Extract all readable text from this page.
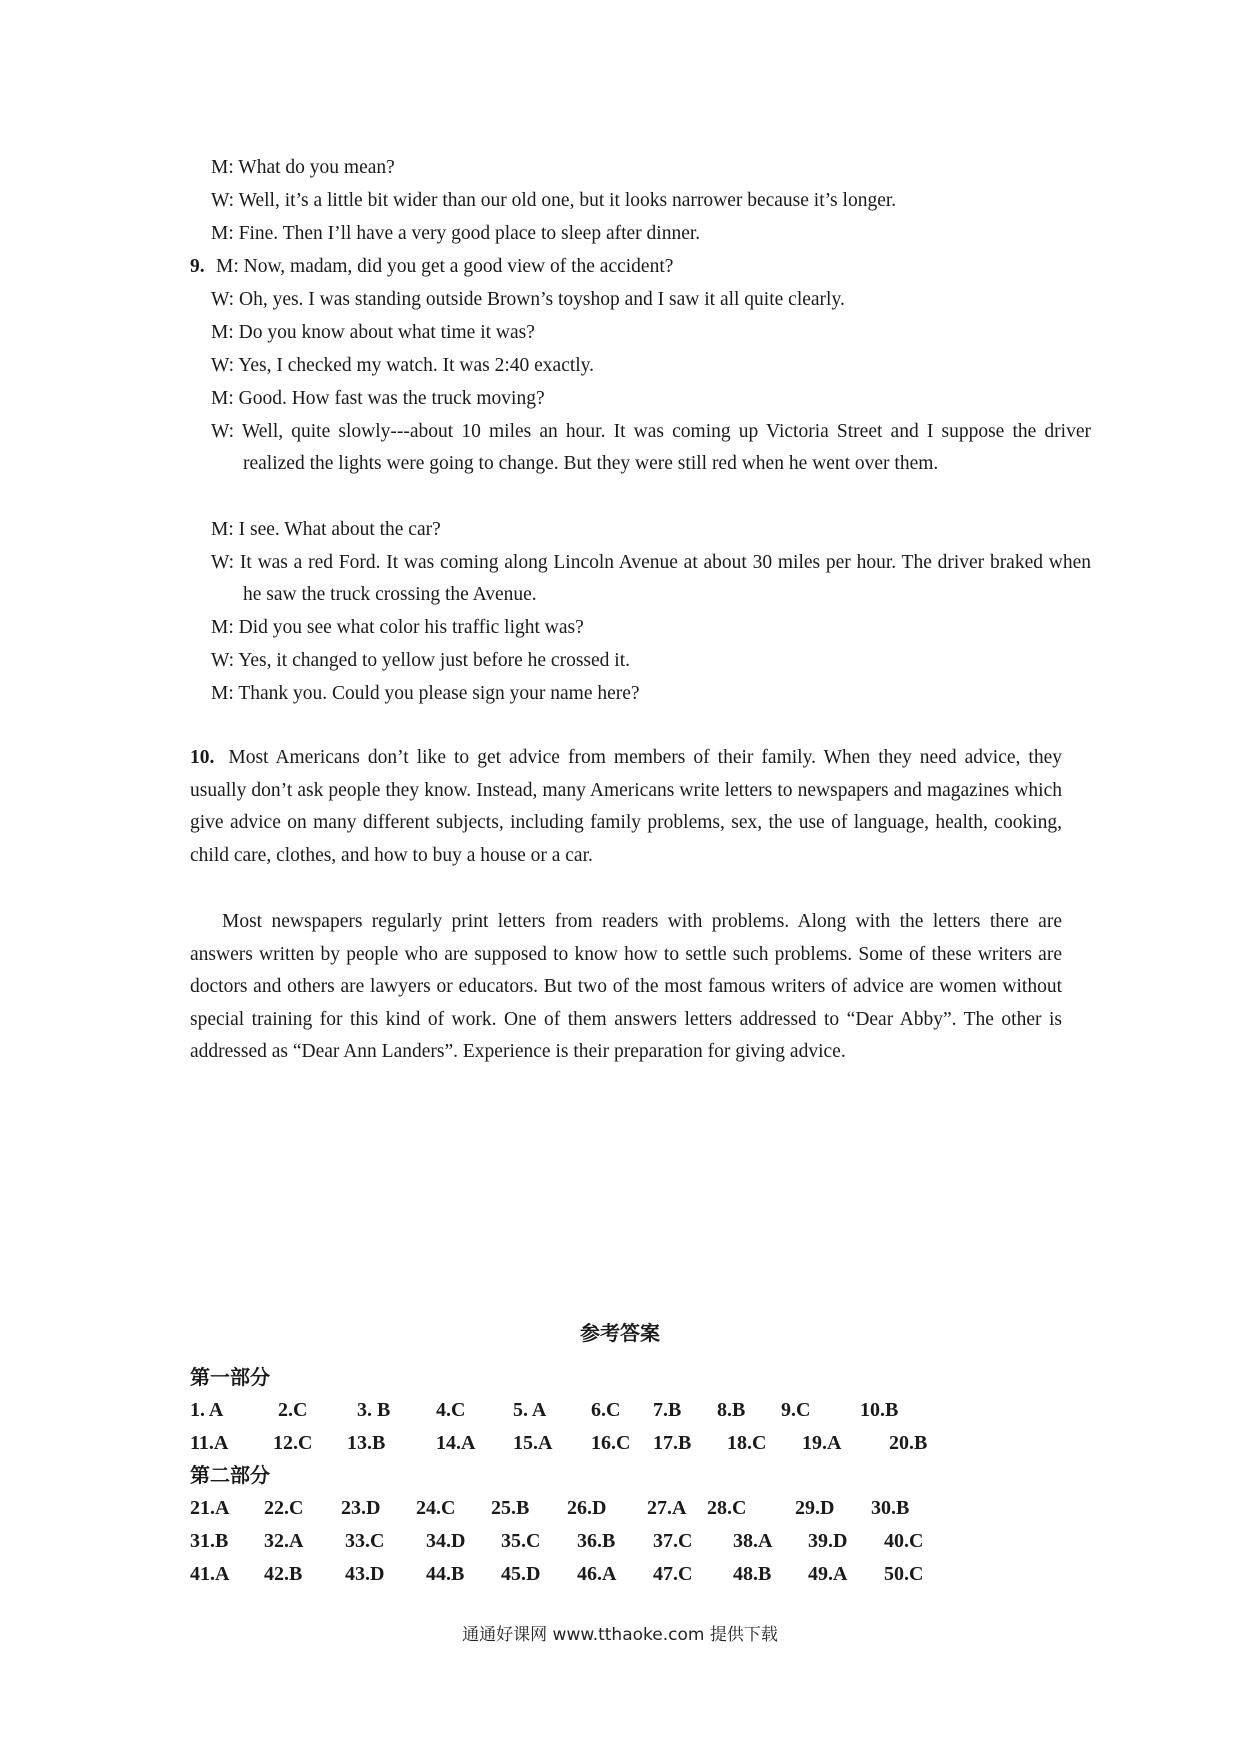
M: What do you mean?
W: Well, it’s a little bit wider than our old one, but it looks narrower because it’s longer.
M: Fine. Then I’ll have a very good place to sleep after dinner.
9. M: Now, madam, did you get a good view of the accident?
W: Oh, yes. I was standing outside Brown’s toyshop and I saw it all quite clearly.
M: Do you know about what time it was?
W: Yes, I checked my watch. It was 2:40 exactly.
M: Good. How fast was the truck moving?
W: Well, quite slowly---about 10 miles an hour. It was coming up Victoria Street and I suppose the driver realized the lights were going to change. But they were still red when he went over them.
M: I see. What about the car?
W: It was a red Ford. It was coming along Lincoln Avenue at about 30 miles per hour. The driver braked when he saw the truck crossing the Avenue.
M: Did you see what color his traffic light was?
W: Yes, it changed to yellow just before he crossed it.
M: Thank you. Could you please sign your name here?

10. Most Americans don’t like to get advice from members of their family. When they need advice, they usually don’t ask people they know. Instead, many Americans write letters to newspapers and magazines which give advice on many different subjects, including family problems, sex, the use of language, health, cooking, child care, clothes, and how to buy a house or a car.

Most newspapers regularly print letters from readers with problems. Along with the letters there are answers written by people who are supposed to know how to settle such problems. Some of these writers are doctors and others are lawyers or educators. But two of the most famous writers of advice are women without special training for this kind of work. One of them answers letters addressed to “Dear Abby”. The other is addressed as “Dear Ann Landers”. Experience is their preparation for giving advice.

参考答案
第一部分
1. A	2.C 3. B 4.C 5. A 6.C 7.B 8.B 9.C 10.B
11.A 12.C 13.B	14.A 15.A 16.C 17.B 18.C 19.A 20.B
第二部分
21.A 22.C 23.D 24.C 25.B 26.D 27.A 28.C 29.D 30.B
31.B 32.A 33.C 34.D 35.C 36.B 37.C 38.A 39.D 40.C
41.A 42.B 43.D 44.B 45.D 46.A 47.C 48.B 49.A 50.C
通通好课网 www.tthaoke.com 提供下载
